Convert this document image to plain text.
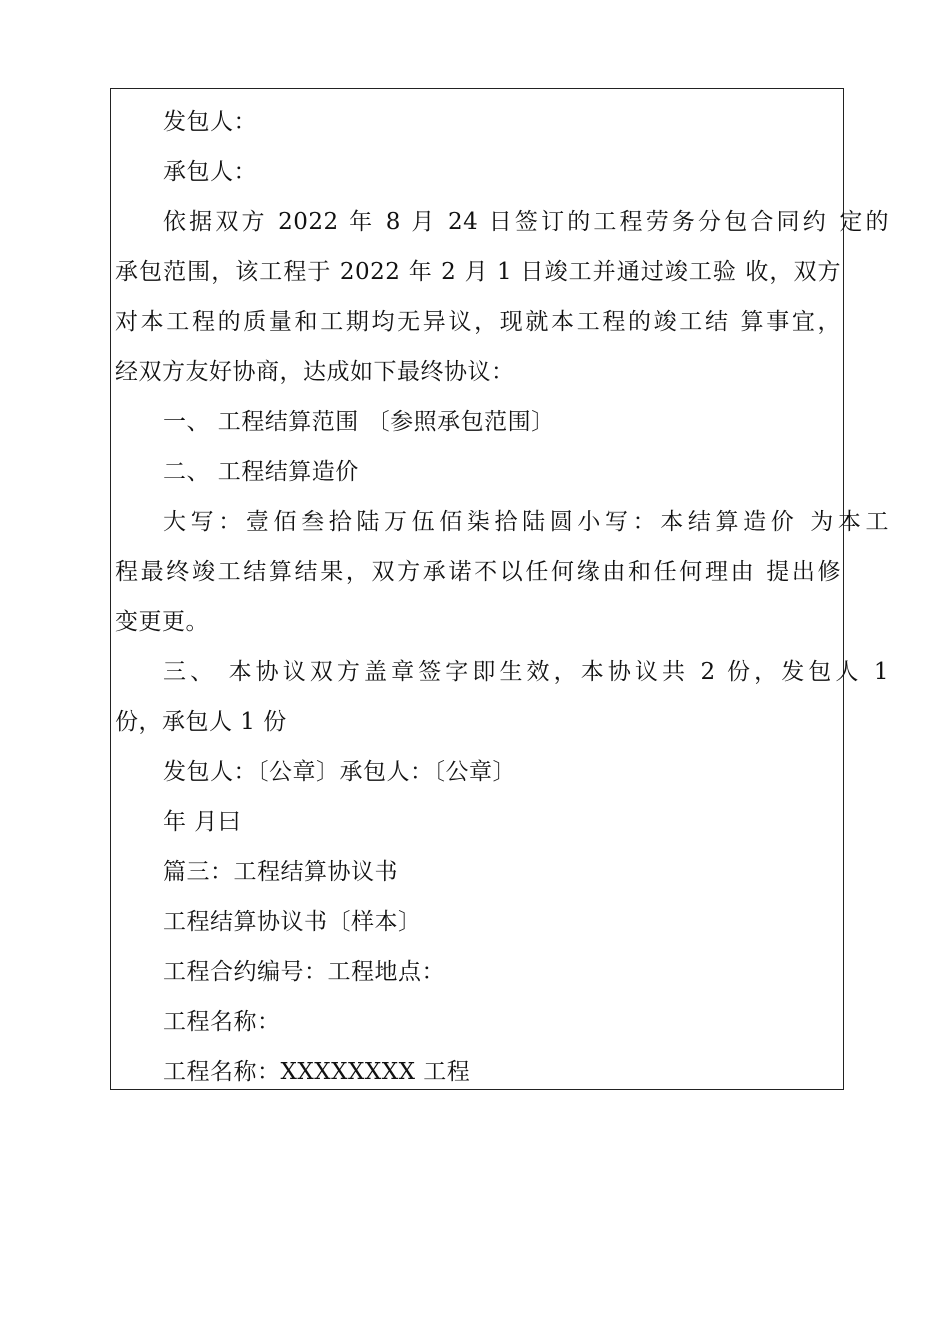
发包人：
承包人：
依据双方 2022 年 8 月 24 日签订的工程劳务分包合同约 定的
承包范围，该工程于 2022 年 2 月 1 日竣工并通过竣工验 收，双方
对本工程的质量和工期均无异议，现就本工程的竣工结 算事宜，
经双方友好协商，达成如下最终协议：
一、 工程结算范围 〔参照承包范围〕
二、 工程结算造价
大写：壹佰叁拾陆万伍佰柒拾陆圆小写：本结算造价 为本工
程最终竣工结算结果，双方承诺不以任何缘由和任何理由 提出修
变更更。
三、 本协议双方盖章签字即生效，本协议共 2 份，发包人 1
份，承包人 1 份
发包人：〔公章〕承包人：〔公章〕
年 月曰
篇三：工程结算协议书
工程结算协议书〔样本〕
工程合约编号：工程地点：
工程名称：
工程名称：XXXXXXXX 工程
